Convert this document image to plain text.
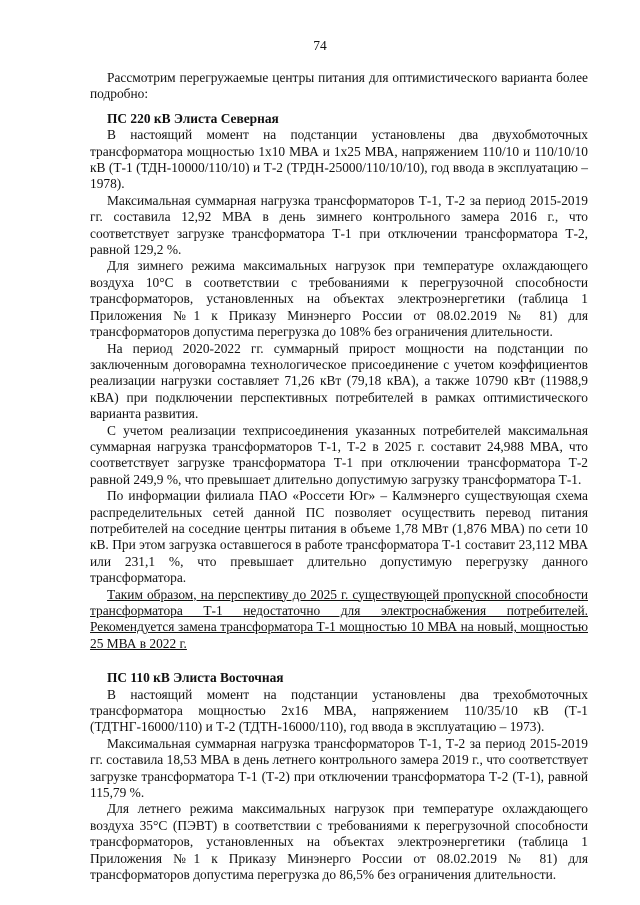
74

Рассмотрим перегружаемые центры питания для оптимистического варианта более подробно:

ПС 220 кВ Элиста Северная

В настоящий момент на подстанции установлены два двухобмоточных трансформатора мощностью 1х10 МВА и 1х25 МВА, напряжением 110/10 и 110/10/10 кВ (Т-1 (ТДН-10000/110/10) и Т-2 (ТРДН-25000/110/10/10), год ввода в эксплуатацию – 1978).

Максимальная суммарная нагрузка трансформаторов Т-1, Т-2 за период 2015-2019 гг. составила 12,92 МВА в день зимнего контрольного замера 2016 г., что соответствует загрузке трансформатора Т-1 при отключении трансформатора Т-2, равной 129,2 %.

Для зимнего режима максимальных нагрузок при температуре охлаждающего воздуха 10°С в соответствии с требованиями к перегрузочной способности трансформаторов, установленных на объектах электроэнергетики (таблица 1 Приложения №1 к Приказу Минэнерго России от 08.02.2019 № 81) для трансформаторов допустима перегрузка до 108% без ограничения длительности.

На период 2020-2022 гг. суммарный прирост мощности на подстанции по заключенным договорамна технологическое присоединение с учетом коэффициентов реализации нагрузки составляет 71,26 кВт (79,18 кВА), а также 10790 кВт (11988,9 кВА) при подключении перспективных потребителей в рамках оптимистического варианта развития.

С учетом реализации техприсоединения указанных потребителей максимальная суммарная нагрузка трансформаторов Т-1, Т-2 в 2025 г. составит 24,988 МВА, что соответствует загрузке трансформатора Т-1 при отключении трансформатора Т-2 равной 249,9 %, что превышает длительно допустимую загрузку трансформатора Т-1.

По информации филиала ПАО «Россети Юг» – Калмэнерго существующая схема распределительных сетей данной ПС позволяет осуществить перевод питания потребителей на соседние центры питания в объеме 1,78 МВт (1,876 МВА) по сети 10 кВ. При этом загрузка оставшегося в работе трансформатора Т-1 составит 23,112 МВА или 231,1 %, что превышает длительно допустимую перегрузку данного трансформатора.

Таким образом, на перспективу до 2025 г. существующей пропускной способности трансформатора Т-1 недостаточно для электроснабжения потребителей. Рекомендуется замена трансформатора Т-1 мощностью 10 МВА на новый, мощностью 25 МВА в 2022 г.

ПС 110 кВ Элиста Восточная

В настоящий момент на подстанции установлены два трехобмоточных трансформатора мощностью 2х16 МВА, напряжением 110/35/10 кВ (Т-1 (ТДТНГ-16000/110) и Т-2 (ТДТН-16000/110), год ввода в эксплуатацию – 1973).

Максимальная суммарная нагрузка трансформаторов Т-1, Т-2 за период 2015-2019 гг. составила 18,53 МВА в день летнего контрольного замера 2019 г., что соответствует загрузке трансформатора Т-1 (Т-2) при отключении трансформатора Т-2 (Т-1), равной 115,79 %.

Для летнего режима максимальных нагрузок при температуре охлаждающего воздуха 35°С (ПЭВТ) в соответствии с требованиями к перегрузочной способности трансформаторов, установленных на объектах электроэнергетики (таблица 1 Приложения №1 к Приказу Минэнерго России от 08.02.2019 № 81) для трансформаторов допустима перегрузка до 86,5% без ограничения длительности.
